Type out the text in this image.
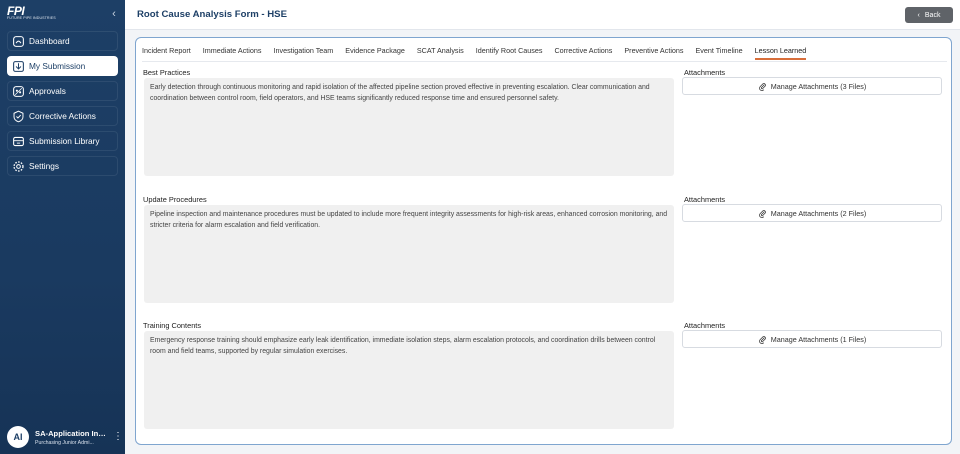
FPI
FUTURE PIPE INDUSTRIES	‹
Dashboard
My Submission
Approvals
Corrective Actions
Submission Library
Settings
AI	SA-Application Ind...
Purchasing Junior Admi...
⋮
Root Cause Analysis Form - HSE	‹ Back
Incident Report Immediate Actions Investigation Team Evidence Package SCAT Analysis Identify Root Causes Corrective Actions Preventive Actions Event Timeline Lesson Learned
Best Practices	Attachments
Early detection through continuous monitoring and rapid isolation of the affected pipeline section proved effective in preventing escalation. Clear communication and coordination between control room, field operators, and HSE teams significantly reduced response time and ensured personnel safety.
Manage Attachments (3 Files)
Update Procedures	Attachments
Pipeline inspection and maintenance procedures must be updated to include more frequent integrity assessments for high-risk areas, enhanced corrosion monitoring, and stricter criteria for alarm escalation and field verification.
Manage Attachments (2 Files)
Training Contents	Attachments
Emergency response training should emphasize early leak identification, immediate isolation steps, alarm escalation protocols, and coordination drills between control room and field teams, supported by regular simulation exercises.
Manage Attachments (1 Files)
